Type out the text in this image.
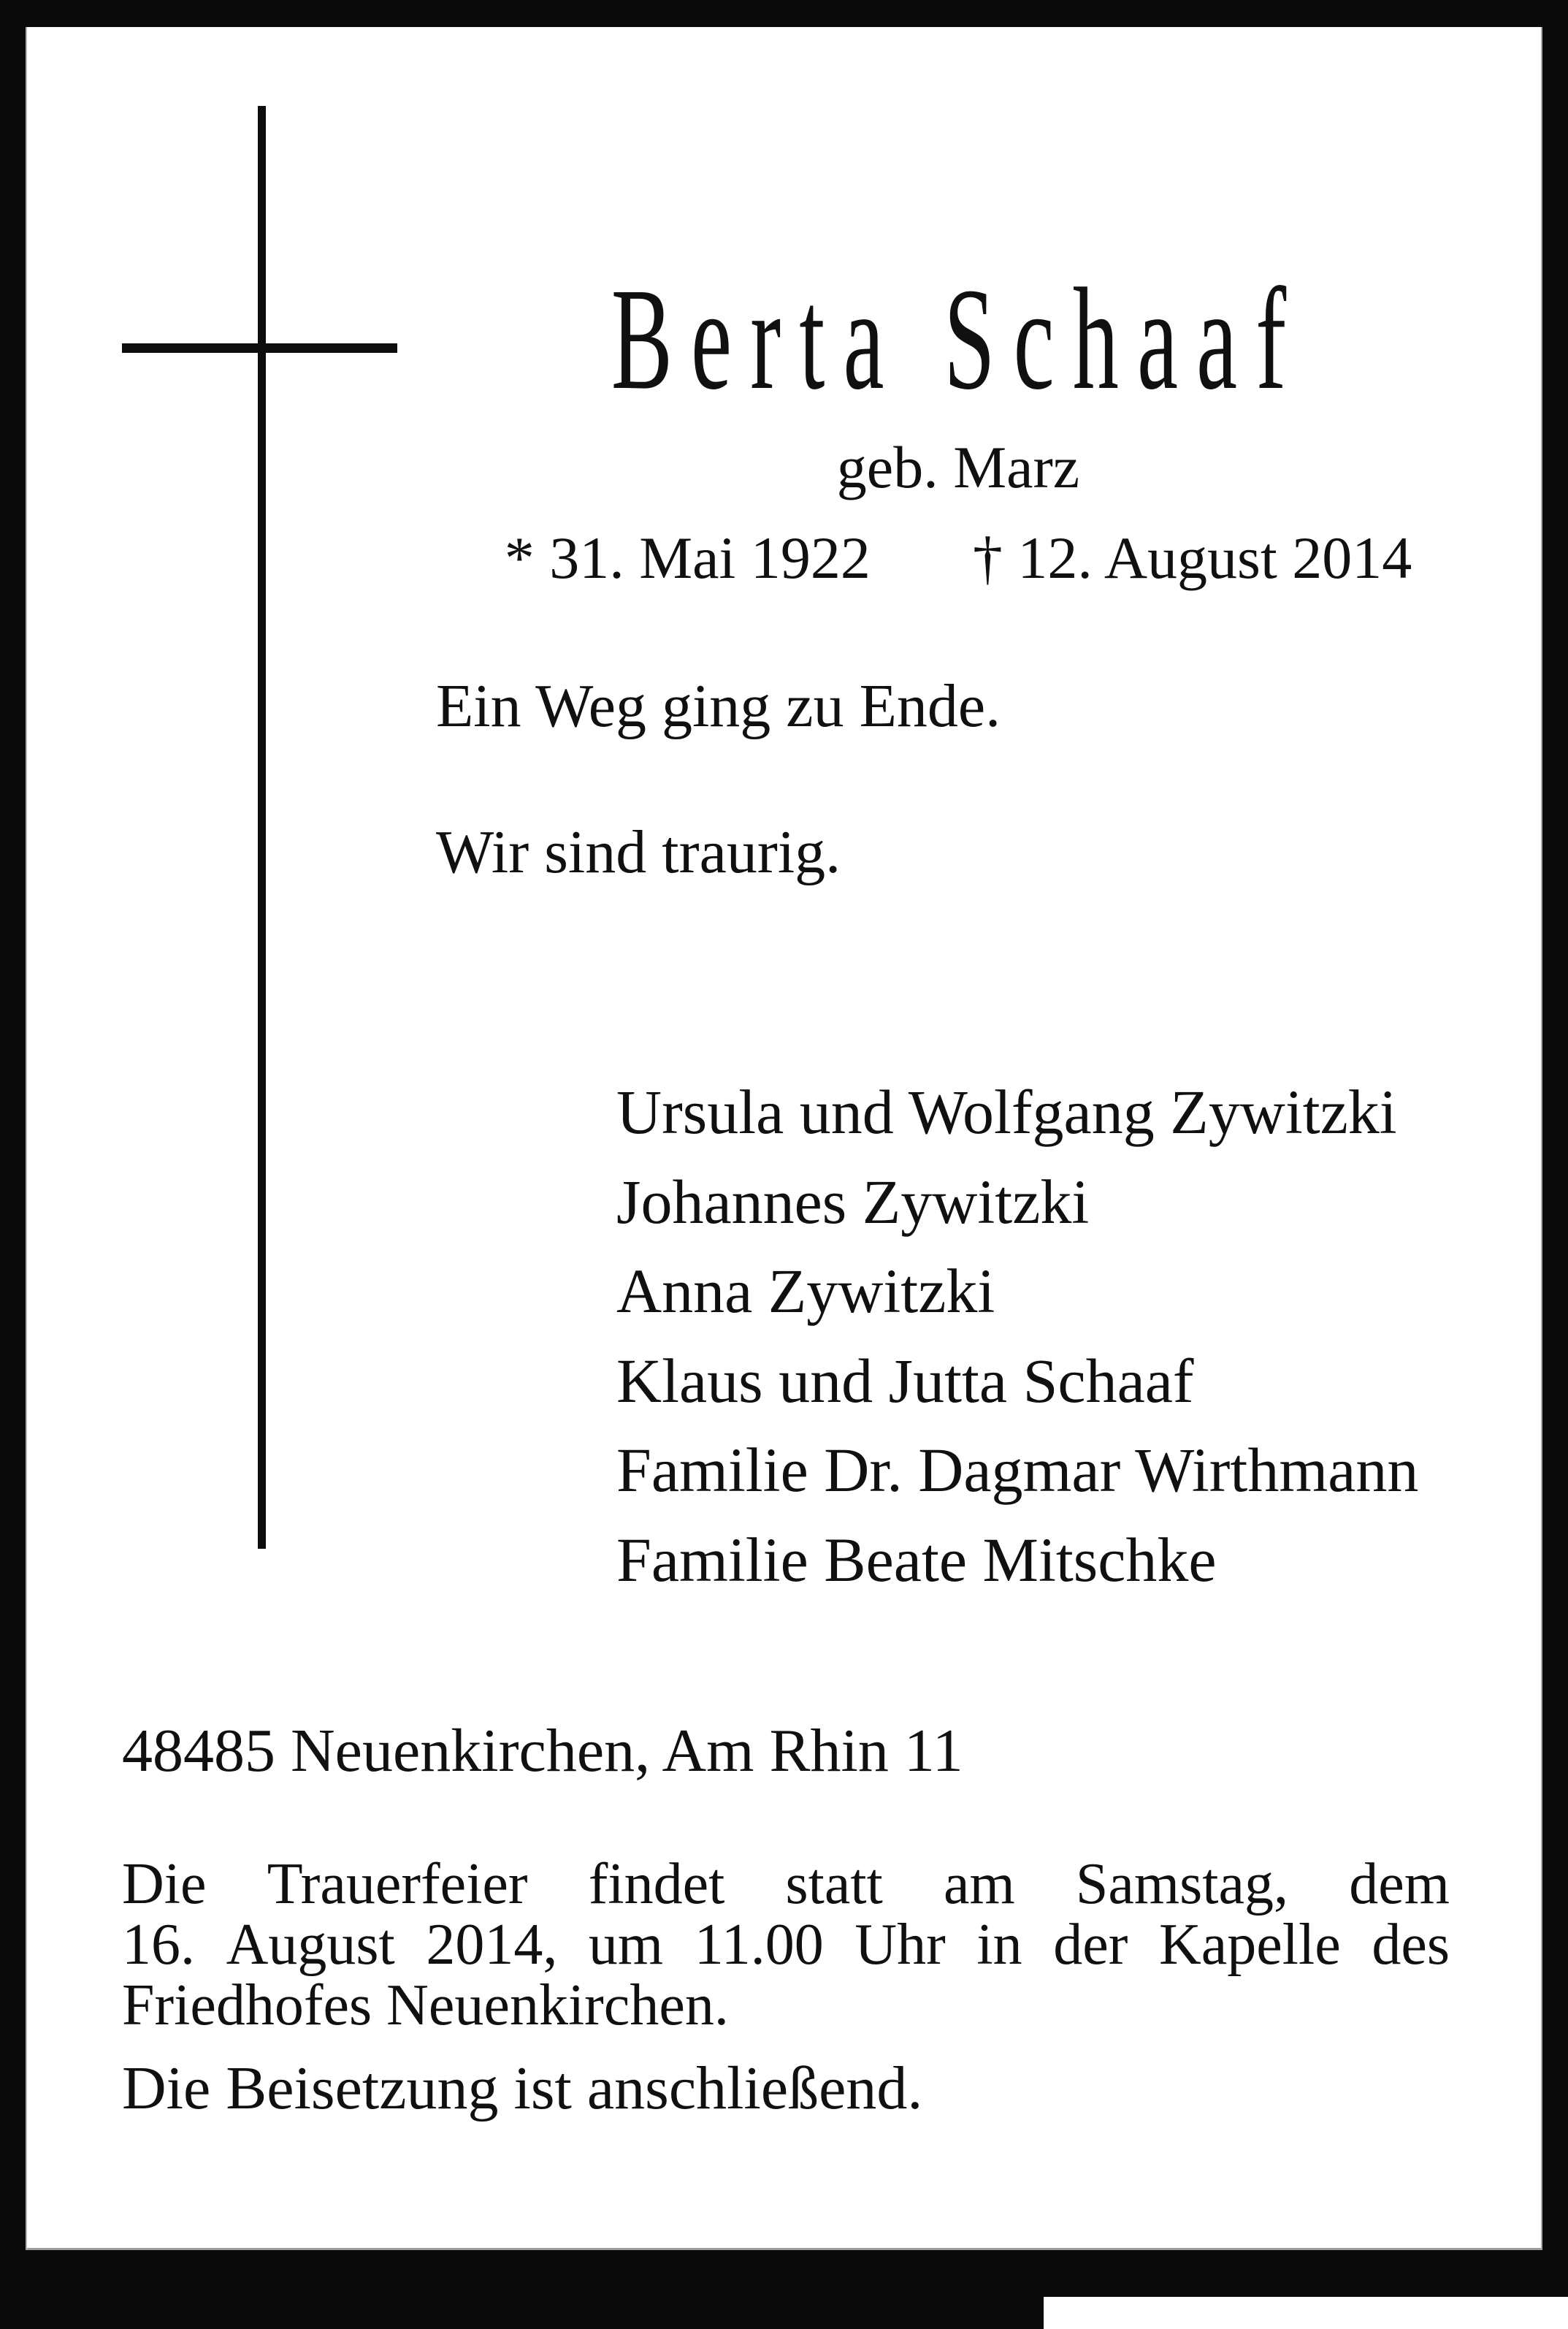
Berta Schaaf
geb. Marz
* 31. Mai 1922 † 12. August 2014
Ein Weg ging zu Ende.
Wir sind traurig.
Ursula und Wolfgang Zywitzki
Johannes Zywitzki
Anna Zywitzki
Klaus und Jutta Schaaf
Familie Dr. Dagmar Wirthmann
Familie Beate Mitschke
48485 Neuenkirchen, Am Rhin 11
Die Trauerfeier findet statt am Samstag, dem
16. August 2014, um 11.00 Uhr in der Kapelle des
Friedhofes Neuenkirchen.
Die Beisetzung ist anschließend.
